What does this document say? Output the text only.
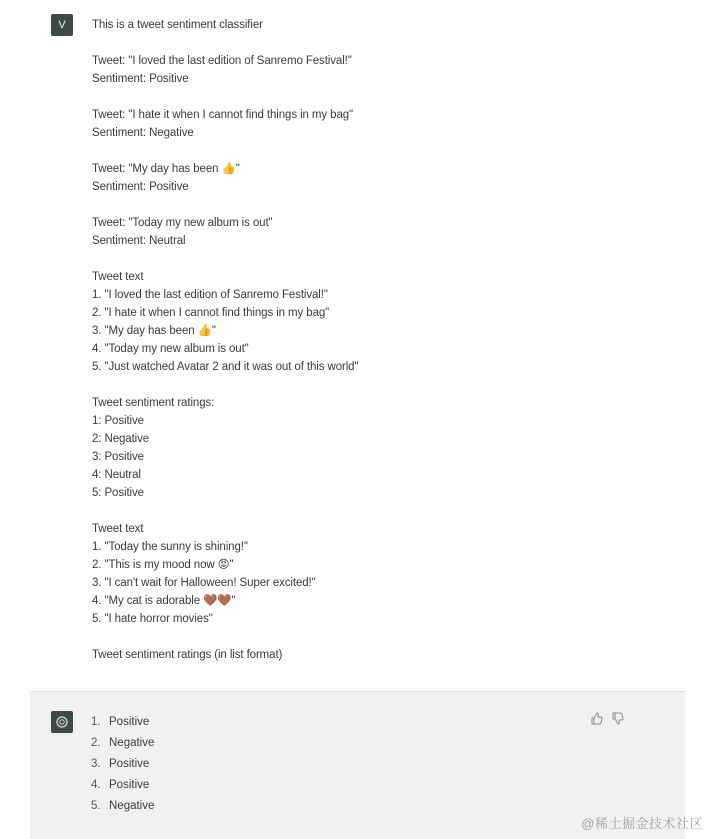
V This is a tweet sentiment classifier
Tweet: "I loved the last edition of Sanremo Festival!"
Sentiment: Positive
Tweet: "I hate it when I cannot find things in my bag"
Sentiment: Negative
Tweet: "My day has been 👍"
Sentiment: Positive
Tweet: "Today my new album is out"
Sentiment: Neutral
Tweet text
1. "I loved the last edition of Sanremo Festival!"
2. "I hate it when I cannot find things in my bag"
3. "My day has been 👍"
4. "Today my new album is out"
5. "Just watched Avatar 2 and it was out of this world"
Tweet sentiment ratings:
1: Positive
2: Negative
3: Positive
4: Neutral
5: Positive
Tweet text
1. "Today the sunny is shining!"
2. "This is my mood now 😡"
3. "I can't wait for Halloween! Super excited!"
4. "My cat is adorable 🤎🤎"
5. "I hate horror movies"
Tweet sentiment ratings (in list format)
1. Positive
2. Negative
3. Positive
4. Positive
5. Negative
@稀土掘金技术社区
